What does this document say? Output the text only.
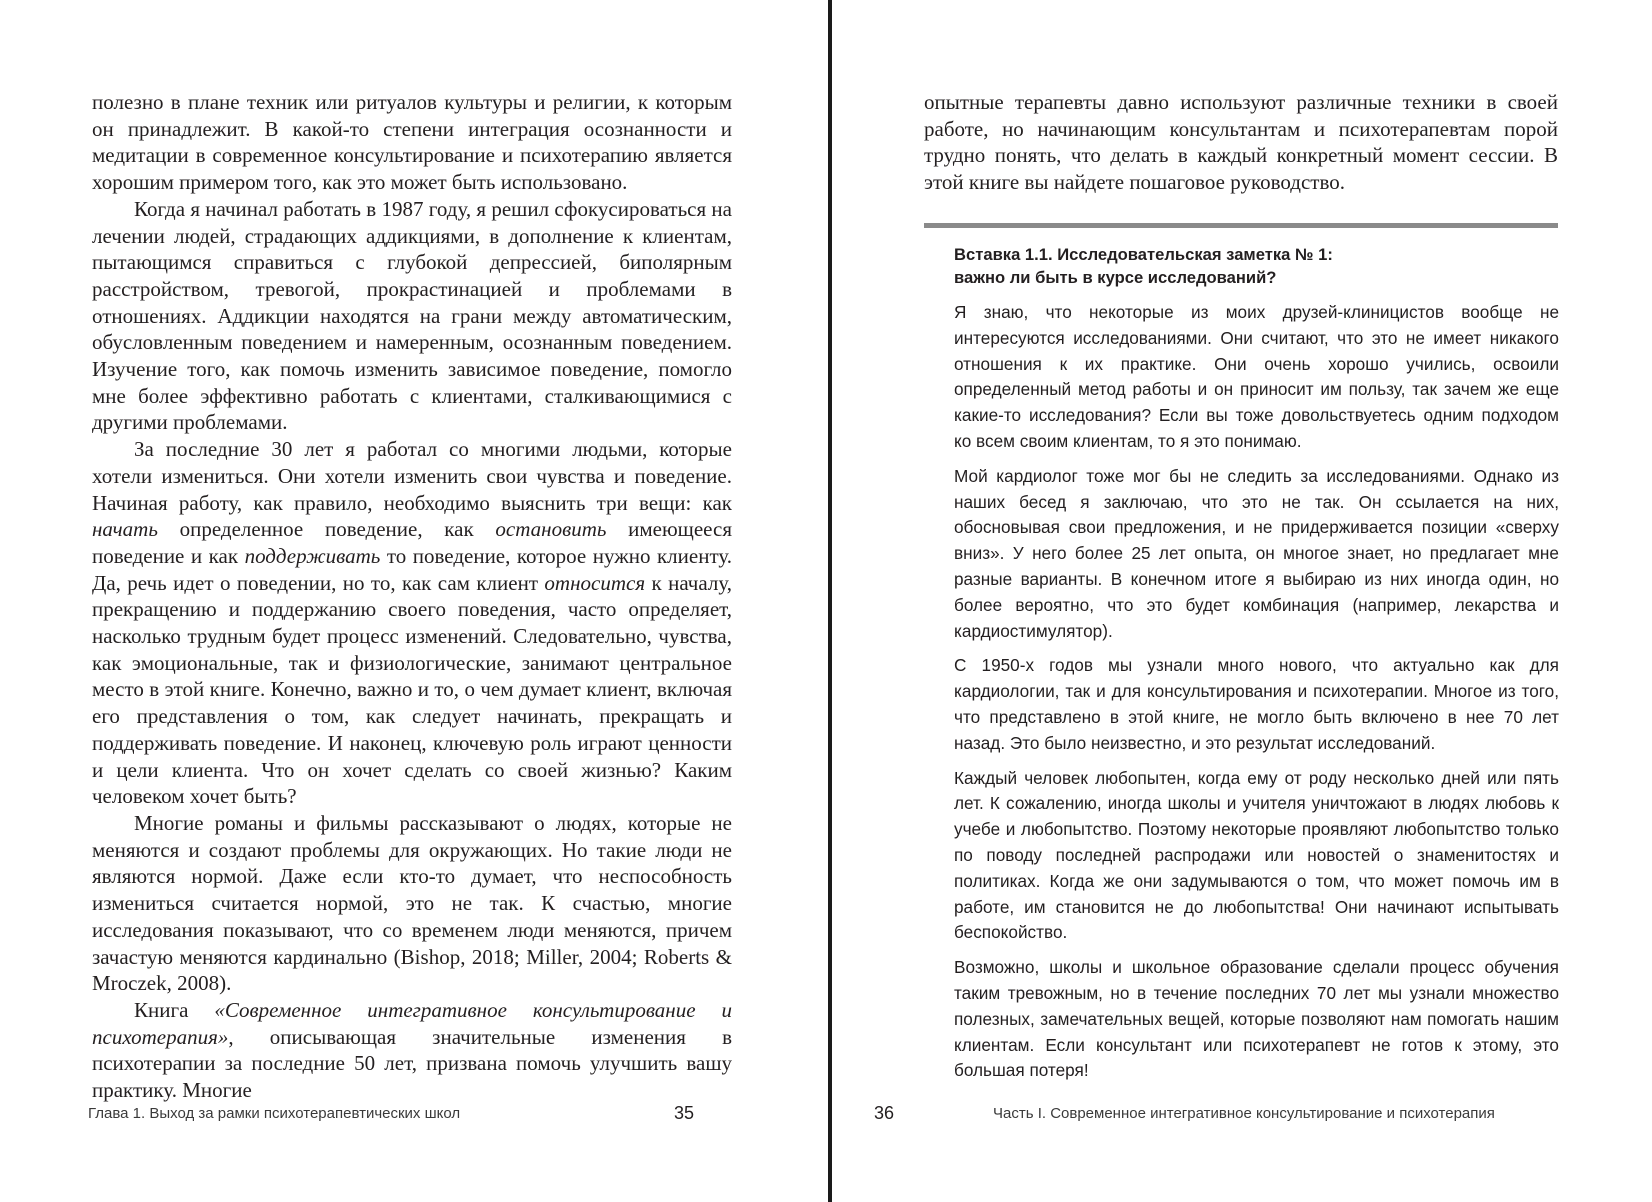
полезно в плане техник или ритуалов культуры и религии, к которым он принадлежит. В какой-то степени интеграция осознанности и медитации в современное консультирование и психотерапию является хорошим примером того, как это может быть использовано.

Когда я начинал работать в 1987 году, я решил сфокусироваться на лечении людей, страдающих аддикциями, в дополнение к клиентам, пытающимся справиться с глубокой депрессией, биполярным расстройством, тревогой, прокрастинацией и проблемами в отношениях. Аддикции находятся на грани между автоматическим, обусловленным поведением и намеренным, осознанным поведением. Изучение того, как помочь изменить зависимое поведение, помогло мне более эффективно работать с клиентами, сталкивающимися с другими проблемами.

За последние 30 лет я работал со многими людьми, которые хотели измениться. Они хотели изменить свои чувства и поведение. Начиная работу, как правило, необходимо выяснить три вещи: как начать определенное поведение, как остановить имеющееся поведение и как поддерживать то поведение, которое нужно клиенту. Да, речь идет о поведении, но то, как сам клиент относится к началу, прекращению и поддержанию своего поведения, часто определяет, насколько трудным будет процесс изменений. Следовательно, чувства, как эмоциональные, так и физиологические, занимают центральное место в этой книге. Конечно, важно и то, о чем думает клиент, включая его представления о том, как следует начинать, прекращать и поддерживать поведение. И наконец, ключевую роль играют ценности и цели клиента. Что он хочет сделать со своей жизнью? Каким человеком хочет быть?

Многие романы и фильмы рассказывают о людях, которые не меняются и создают проблемы для окружающих. Но такие люди не являются нормой. Даже если кто-то думает, что неспособность измениться считается нормой, это не так. К счастью, многие исследования показывают, что со временем люди меняются, причем зачастую меняются кардинально (Bishop, 2018; Miller, 2004; Roberts & Mroczek, 2008).

Книга «Современное интегративное консультирование и психотерапия», описывающая значительные изменения в психотерапии за последние 50 лет, призвана помочь улучшить вашу практику. Многие

Глава 1. Выход за рамки психотерапевтических школ	35

опытные терапевты давно используют различные техники в своей работе, но начинающим консультантам и психотерапевтам порой трудно понять, что делать в каждый конкретный момент сессии. В этой книге вы найдете пошаговое руководство.

Вставка 1.1. Исследовательская заметка № 1:
важно ли быть в курсе исследований?

Я знаю, что некоторые из моих друзей-клиницистов вообще не интересуются исследованиями. Они считают, что это не имеет никакого отношения к их практике. Они очень хорошо учились, освоили определенный метод работы и он приносит им пользу, так зачем же еще какие-то исследования? Если вы тоже довольствуетесь одним подходом ко всем своим клиентам, то я это понимаю.

Мой кардиолог тоже мог бы не следить за исследованиями. Однако из наших бесед я заключаю, что это не так. Он ссылается на них, обосновывая свои предложения, и не придерживается позиции «сверху вниз». У него более 25 лет опыта, он многое знает, но предлагает мне разные варианты. В конечном итоге я выбираю из них иногда один, но более вероятно, что это будет комбинация (например, лекарства и кардиостимулятор).

С 1950-х годов мы узнали много нового, что актуально как для кардиологии, так и для консультирования и психотерапии. Многое из того, что представлено в этой книге, не могло быть включено в нее 70 лет назад. Это было неизвестно, и это результат исследований.

Каждый человек любопытен, когда ему от роду несколько дней или пять лет. К сожалению, иногда школы и учителя уничтожают в людях любовь к учебе и любопытство. Поэтому некоторые проявляют любопытство только по поводу последней распродажи или новостей о знаменитостях и политиках. Когда же они задумываются о том, что может помочь им в работе, им становится не до любопытства! Они начинают испытывать беспокойство.

Возможно, школы и школьное образование сделали процесс обучения таким тревожным, но в течение последних 70 лет мы узнали множество полезных, замечательных вещей, которые позволяют нам помогать нашим клиентам. Если консультант или психотерапевт не готов к этому, это большая потеря!

36	Часть I. Современное интегративное консультирование и психотерапия
